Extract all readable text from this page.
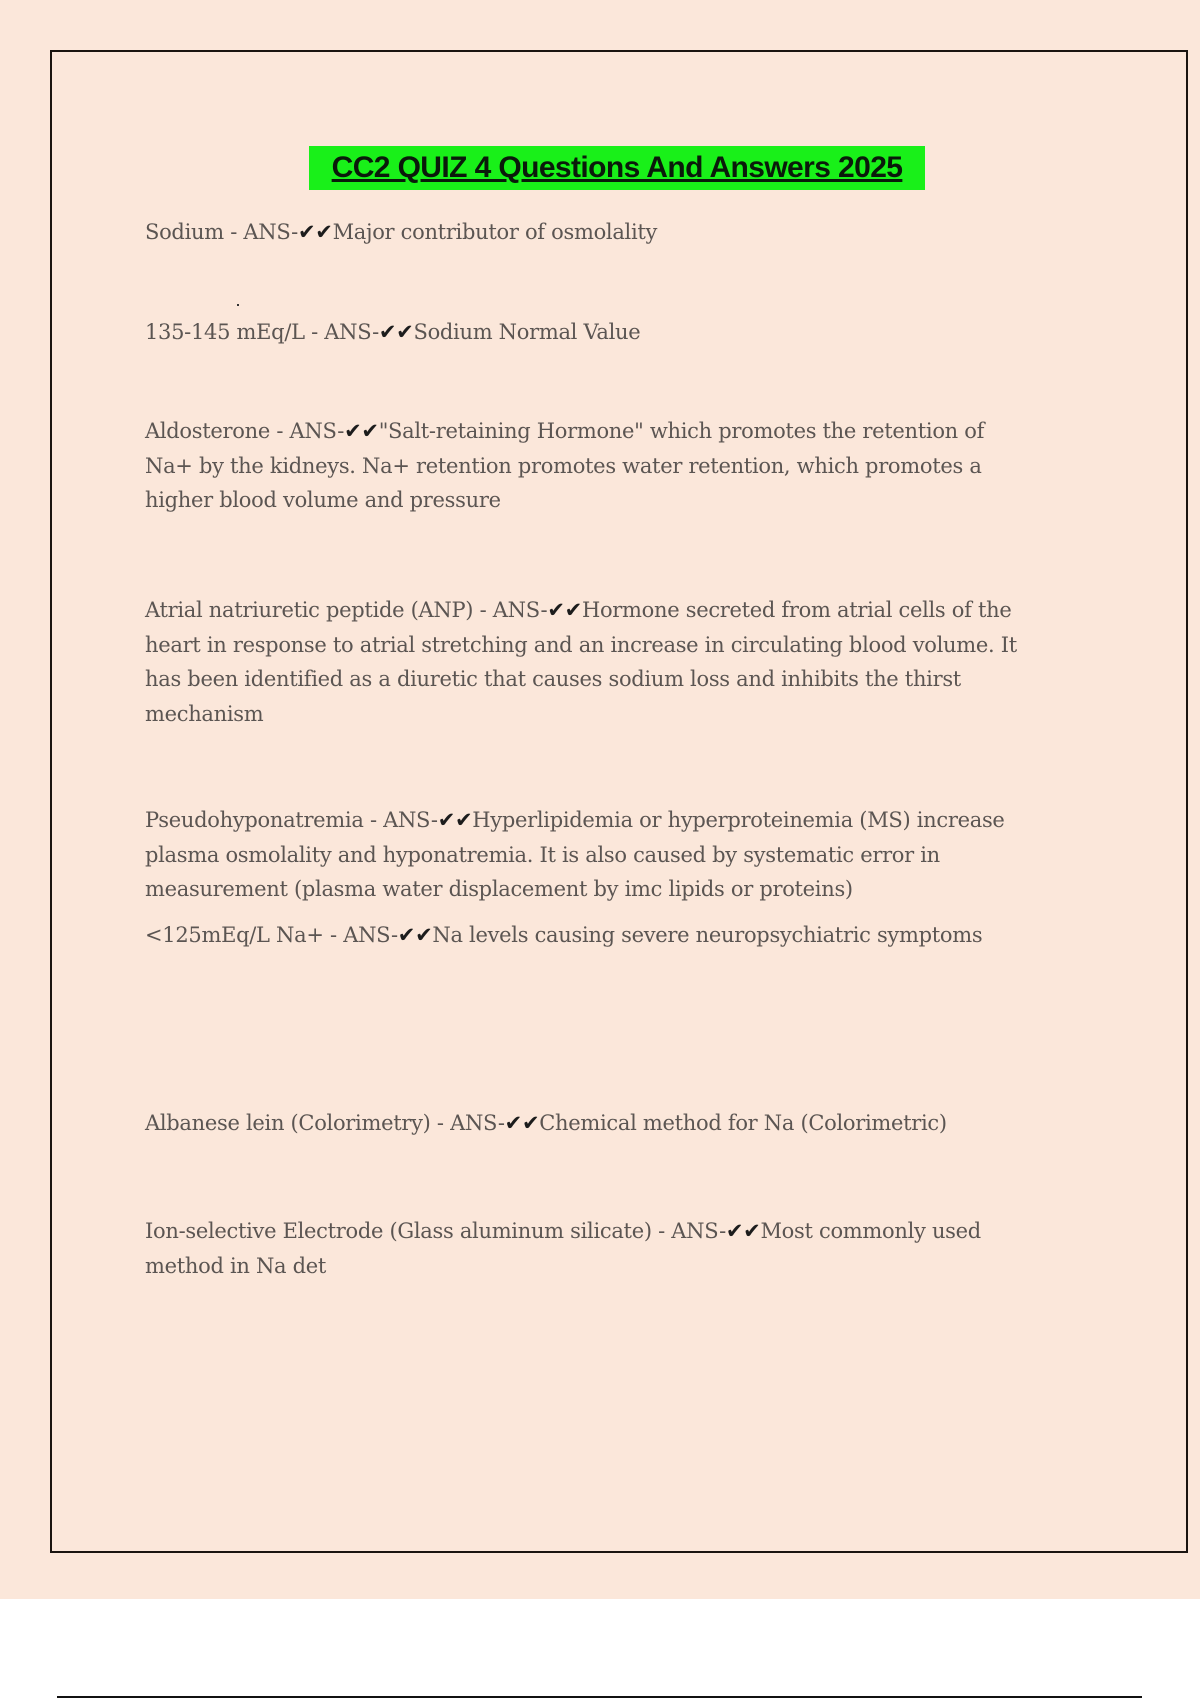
CC2 QUIZ 4 Questions And Answers 2025
Sodium - ANS-✔✔Major contributor of osmolality
135-145 mEq/L - ANS-✔✔Sodium Normal Value
Aldosterone - ANS-✔✔"Salt-retaining Hormone" which promotes the retention of
Na+ by the kidneys. Na+ retention promotes water retention, which promotes a
higher blood volume and pressure
Atrial natriuretic peptide (ANP) - ANS-✔✔Hormone secreted from atrial cells of the
heart in response to atrial stretching and an increase in circulating blood volume. It
has been identified as a diuretic that causes sodium loss and inhibits the thirst
mechanism
Pseudohyponatremia - ANS-✔✔Hyperlipidemia or hyperproteinemia (MS) increase
plasma osmolality and hyponatremia. It is also caused by systematic error in
measurement (plasma water displacement by imc lipids or proteins)
<125mEq/L Na+ - ANS-✔✔Na levels causing severe neuropsychiatric symptoms
Albanese lein (Colorimetry) - ANS-✔✔Chemical method for Na (Colorimetric)
Ion-selective Electrode (Glass aluminum silicate) - ANS-✔✔Most commonly used
method in Na det
